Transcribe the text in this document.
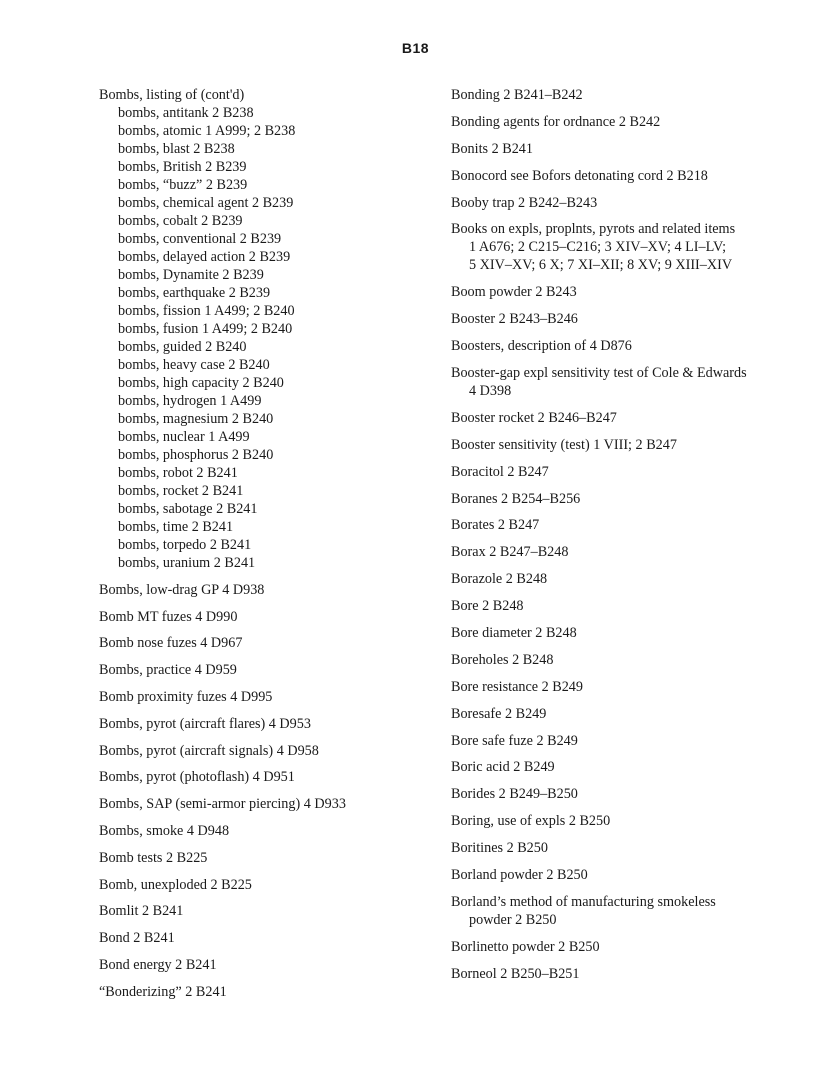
B18
Bombs, listing of (cont'd)
bombs, antitank 2 B238
bombs, atomic 1 A999; 2 B238
bombs, blast 2 B238
bombs, British 2 B239
bombs, “buzz” 2 B239
bombs, chemical agent 2 B239
bombs, cobalt 2 B239
bombs, conventional 2 B239
bombs, delayed action 2 B239
bombs, Dynamite 2 B239
bombs, earthquake 2 B239
bombs, fission 1 A499; 2 B240
bombs, fusion 1 A499; 2 B240
bombs, guided 2 B240
bombs, heavy case 2 B240
bombs, high capacity 2 B240
bombs, hydrogen 1 A499
bombs, magnesium 2 B240
bombs, nuclear 1 A499
bombs, phosphorus 2 B240
bombs, robot 2 B241
bombs, rocket 2 B241
bombs, sabotage 2 B241
bombs, time 2 B241
bombs, torpedo 2 B241
bombs, uranium 2 B241
Bombs, low-drag GP 4 D938
Bomb MT fuzes 4 D990
Bomb nose fuzes 4 D967
Bombs, practice 4 D959
Bomb proximity fuzes 4 D995
Bombs, pyrot (aircraft flares) 4 D953
Bombs, pyrot (aircraft signals) 4 D958
Bombs, pyrot (photoflash) 4 D951
Bombs, SAP (semi-armor piercing) 4 D933
Bombs, smoke 4 D948
Bomb tests 2 B225
Bomb, unexploded 2 B225
Bomlit 2 B241
Bond 2 B241
Bond energy 2 B241
“Bonderizing” 2 B241
Bonding 2 B241–B242
Bonding agents for ordnance 2 B242
Bonits 2 B241
Bonocord see Bofors detonating cord 2 B218
Booby trap 2 B242–B243
Books on expls, proplnts, pyrots and related items
1 A676; 2 C215–C216; 3 XIV–XV; 4 LI–LV;
5 XIV–XV; 6 X; 7 XI–XII; 8 XV; 9 XIII–XIV
Boom powder 2 B243
Booster 2 B243–B246
Boosters, description of 4 D876
Booster-gap expl sensitivity test of Cole & Edwards
4 D398
Booster rocket 2 B246–B247
Booster sensitivity (test) 1 VIII; 2 B247
Boracitol 2 B247
Boranes 2 B254–B256
Borates 2 B247
Borax 2 B247–B248
Borazole 2 B248
Bore 2 B248
Bore diameter 2 B248
Boreholes 2 B248
Bore resistance 2 B249
Boresafe 2 B249
Bore safe fuze 2 B249
Boric acid 2 B249
Borides 2 B249–B250
Boring, use of expls 2 B250
Boritines 2 B250
Borland powder 2 B250
Borland’s method of manufacturing smokeless
powder 2 B250
Borlinetto powder 2 B250
Borneol 2 B250–B251
